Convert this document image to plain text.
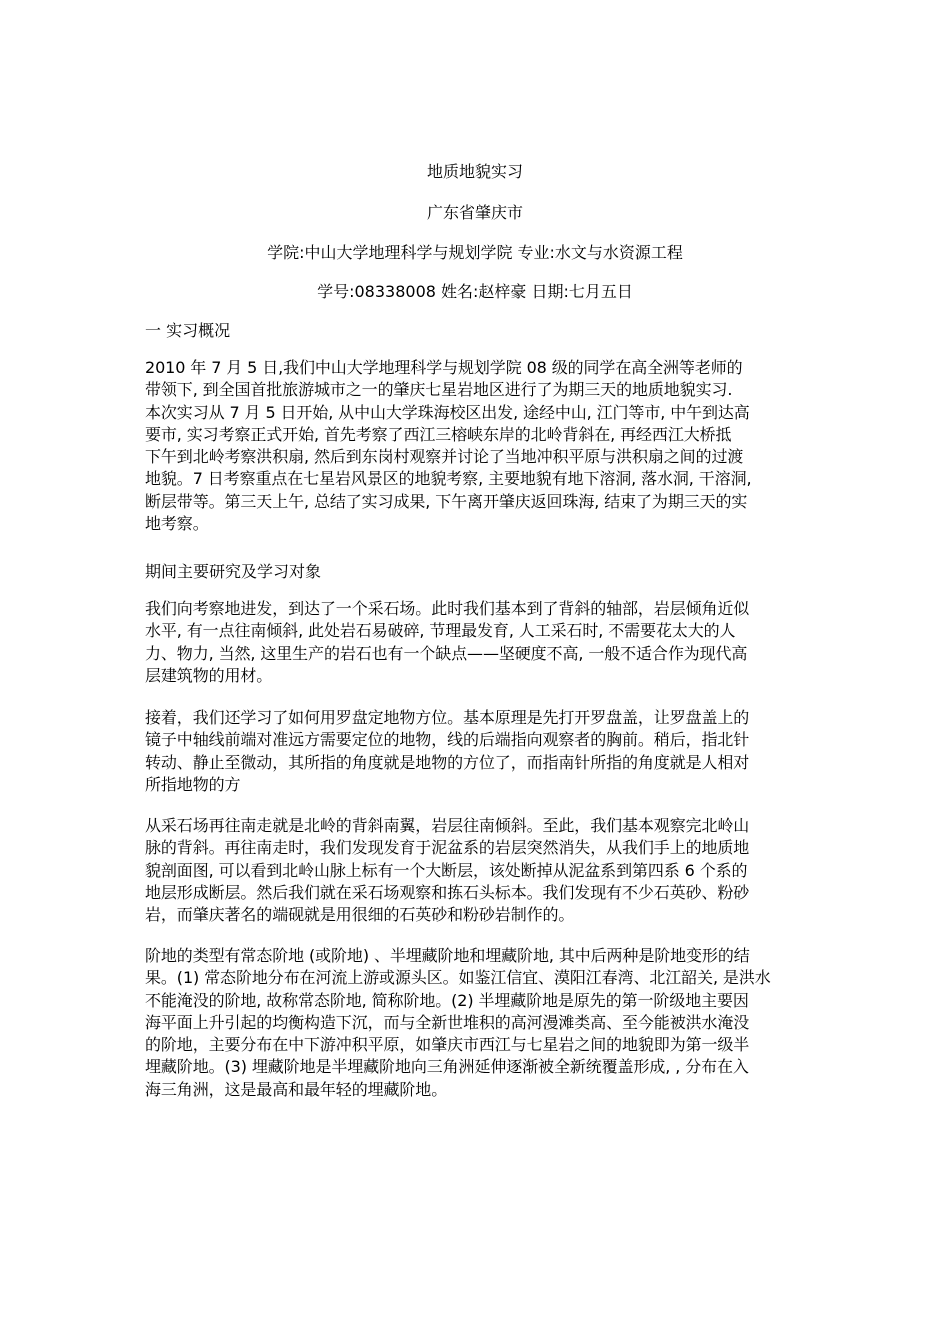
地质地貌实习
广东省肇庆市
学院:中山大学地理科学与规划学院 专业:水文与水资源工程
学号:08338008 姓名:赵梓豪 日期:七月五日
一 实习概况
2010 年 7 月 5 日,我们中山大学地理科学与规划学院 08 级的同学在高全洲等老师的
带领下, 到全国首批旅游城市之一的肇庆七星岩地区进行了为期三天的地质地貌实习.
本次实习从 7 月 5 日开始, 从中山大学珠海校区出发, 途经中山, 江门等市, 中午到达高
要市, 实习考察正式开始, 首先考察了西江三榕峡东岸的北岭背斜在, 再经西江大桥抵
下午到北岭考察洪积扇, 然后到东岗村观察并讨论了当地冲积平原与洪积扇之间的过渡
地貌。7 日考察重点在七星岩风景区的地貌考察, 主要地貌有地下溶洞, 落水洞, 干溶洞,
断层带等。第三天上午, 总结了实习成果, 下午离开肇庆返回珠海, 结束了为期三天的实
地考察。
期间主要研究及学习对象
我们向考察地进发，到达了一个采石场。此时我们基本到了背斜的轴部，岩层倾角近似
水平, 有一点往南倾斜, 此处岩石易破碎, 节理最发育, 人工采石时, 不需要花太大的人
力、物力, 当然, 这里生产的岩石也有一个缺点——坚硬度不高, 一般不适合作为现代高
层建筑物的用材。
接着，我们还学习了如何用罗盘定地物方位。基本原理是先打开罗盘盖，让罗盘盖上的
镜子中轴线前端对准远方需要定位的地物，线的后端指向观察者的胸前。稍后，指北针
转动、静止至微动，其所指的角度就是地物的方位了，而指南针所指的角度就是人相对
所指地物的方
从采石场再往南走就是北岭的背斜南翼，岩层往南倾斜。至此，我们基本观察完北岭山
脉的背斜。再往南走时，我们发现发育于泥盆系的岩层突然消失，从我们手上的地质地
貌剖面图, 可以看到北岭山脉上标有一个大断层，该处断掉从泥盆系到第四系 6 个系的
地层形成断层。然后我们就在采石场观察和拣石头标本。我们发现有不少石英砂、粉砂
岩，而肇庆著名的端砚就是用很细的石英砂和粉砂岩制作的。
阶地的类型有常态阶地 (或阶地) 、半埋藏阶地和埋藏阶地, 其中后两种是阶地变形的结
果。(1) 常态阶地分布在河流上游或源头区。如鉴江信宜、漠阳江春湾、北江韶关, 是洪水
不能淹没的阶地, 故称常态阶地, 简称阶地。(2) 半埋藏阶地是原先的第一阶级地主要因
海平面上升引起的均衡构造下沉，而与全新世堆积的高河漫滩类高、至今能被洪水淹没
的阶地，主要分布在中下游冲积平原，如肇庆市西江与七星岩之间的地貌即为第一级半
埋藏阶地。(3) 埋藏阶地是半埋藏阶地向三角洲延伸逐渐被全新统覆盖形成, , 分布在入
海三角洲，这是最高和最年轻的埋藏阶地。
